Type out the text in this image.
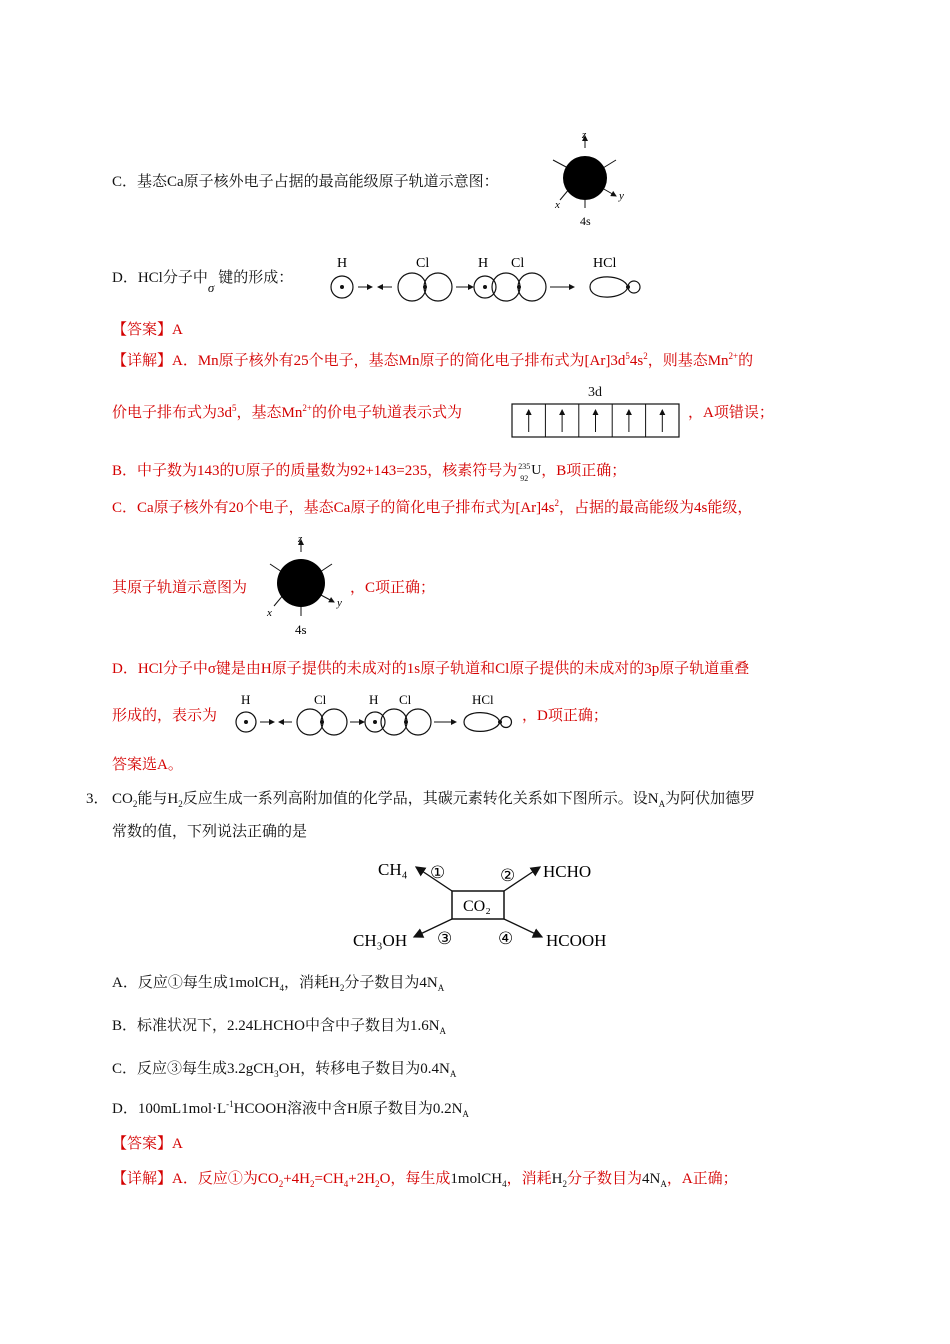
C．基态Ca原子核外电子占据的最高能级原子轨道示意图：
z
x
y
4s
D．HCl分子中σ键的形成：
H	Cl	H Cl	HCl
【答案】A
【详解】A．Mn原子核外有25个电子，基态Mn原子的简化电子排布式为$[Ar]3d^54s^2$，则基态$Mn^{2+}$的
价电子排布式为$3d^5$，基态$Mn^{2+}$的价电子轨道表示式为
3d
，A项错误；
B．中子数为143的U原子的质量数为92+143=235，核素符号为 235
92
U ，B项正确；
C．Ca原子核外有20个电子，基态Ca原子的简化电子排布式为$[Ar]4s^2$，占据的最高能级为4s能级，
其原子轨道示意图为
z
x
y
4s
，C项正确；
D．HCl分子中σ键是由H原子提供的未成对的1s原子轨道和Cl原子提供的未成对的3p原子轨道重叠
形成的，表示为
H	Cl	H Cl	HCl
，D项正确；
答案选A。
3． $CO_2$能与$H_2$反应生成一系列高附加值的化学品，其碳元素转化关系如下图所示。设$N_A$为阿伏加德罗
常数的值，下列说法正确的是
CO₂
CH₄	HCHO
CH₃OH	HCOOH
①	②
③	④
A．反应①每生成1molCH$_4$，消耗$H_2$分子数目为$4N_A$
B．标准状况下，2.24LHCHO中含中子数目为$1.6N_A$
C．反应③每生成3.2gCH$_3$OH，转移电子数目为$0.4N_A$
D．$100mL1mol\cdot L^{-1}HCOOH$溶液中含H原子数目为$0.2N_A$
【答案】A
【详解】A．反应①为$CO_2+4H_2=CH_4+2H_2O$，每生成1molCH$_4$，消耗$H_2$分子数目为$4N_A$，A正确；
